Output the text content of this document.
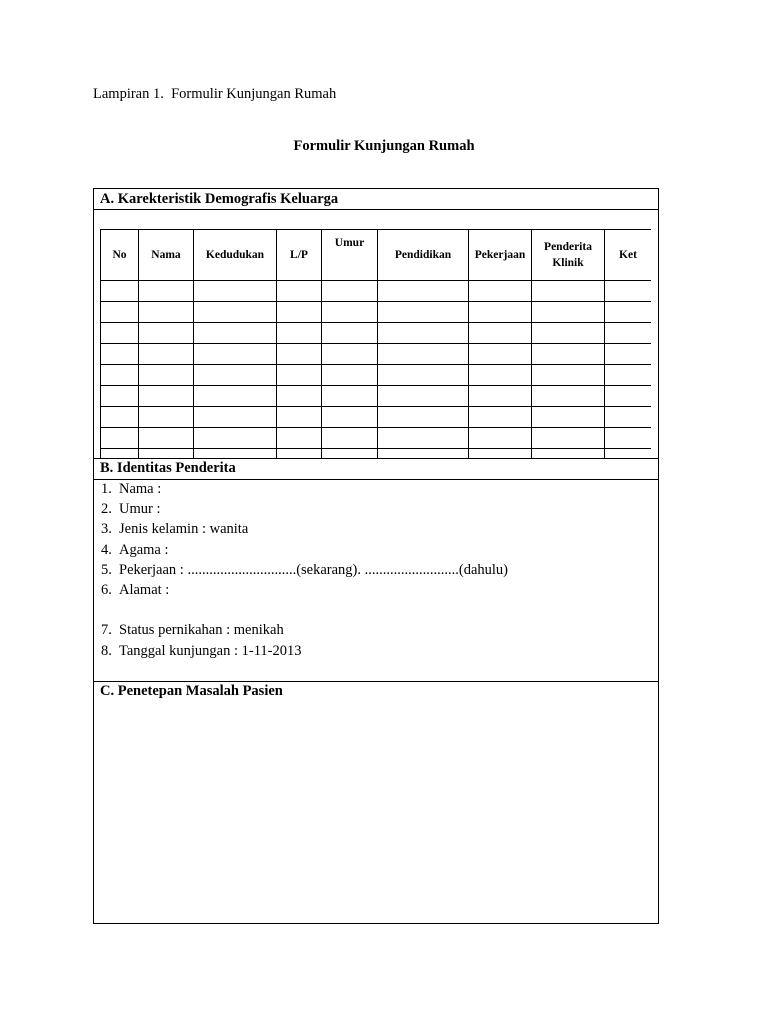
Lampiran 1.  Formulir Kunjungan Rumah
Formulir Kunjungan Rumah
A. Karekteristik Demografis Keluarga
No	Nama	Kedudukan	L/P	Umur	Pendidikan	Pekerjaan	Penderita Klinik	Ket

B. Identitas Penderita
1. Nama :
2. Umur :
3. Jenis kelamin : wanita
4. Agama :
5. Pekerjaan : ..............................(sekarang). ..........................(dahulu)
6. Alamat :
7. Status pernikahan : menikah
8. Tanggal kunjungan : 1-11-2013
C. Penetepan Masalah Pasien
